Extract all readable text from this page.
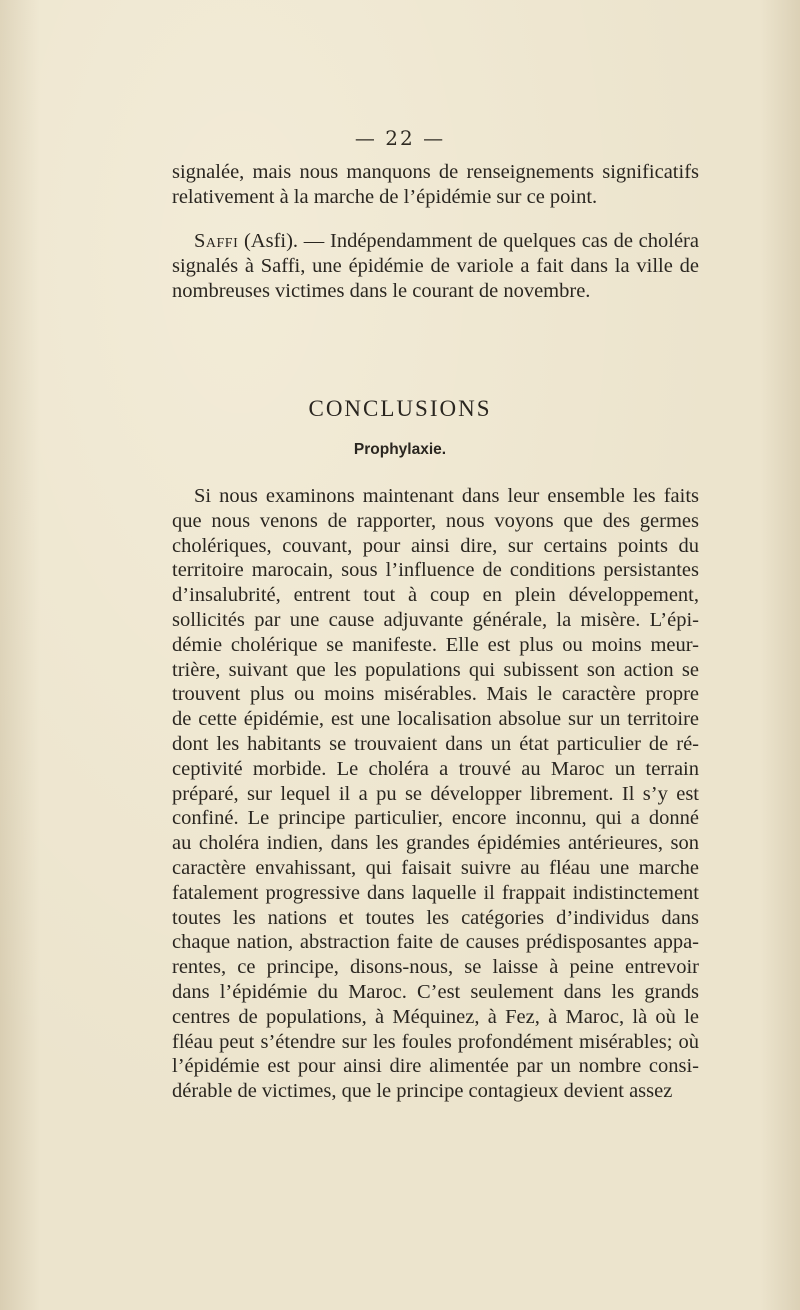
— 22 —
signalée, mais nous manquons de renseignements significatifs
relativement à la marche de l’épidémie sur ce point.
Saffi (Asfi). — Indépendamment de quelques cas de choléra
signalés à Saffi, une épidémie de variole a fait dans la ville de
nombreuses victimes dans le courant de novembre.
CONCLUSIONS
Prophylaxie.
Si nous examinons maintenant dans leur ensemble les faits
que nous venons de rapporter, nous voyons que des germes
cholériques, couvant, pour ainsi dire, sur certains points du
territoire marocain, sous l’influence de conditions persistantes
d’insalubrité, entrent tout à coup en plein développement,
sollicités par une cause adjuvante générale, la misère. L’épi-
démie cholérique se manifeste. Elle est plus ou moins meur-
trière, suivant que les populations qui subissent son action se
trouvent plus ou moins misérables. Mais le caractère propre
de cette épidémie, est une localisation absolue sur un territoire
dont les habitants se trouvaient dans un état particulier de ré-
ceptivité morbide. Le choléra a trouvé au Maroc un terrain
préparé, sur lequel il a pu se développer librement. Il s’y est
confiné. Le principe particulier, encore inconnu, qui a donné
au choléra indien, dans les grandes épidémies antérieures, son
caractère envahissant, qui faisait suivre au fléau une marche
fatalement progressive dans laquelle il frappait indistinctement
toutes les nations et toutes les catégories d’individus dans
chaque nation, abstraction faite de causes prédisposantes appa-
rentes, ce principe, disons-nous, se laisse à peine entrevoir
dans l’épidémie du Maroc. C’est seulement dans les grands
centres de populations, à Méquinez, à Fez, à Maroc, là où le
fléau peut s’étendre sur les foules profondément misérables; où
l’épidémie est pour ainsi dire alimentée par un nombre consi-
dérable de victimes, que le principe contagieux devient assez
